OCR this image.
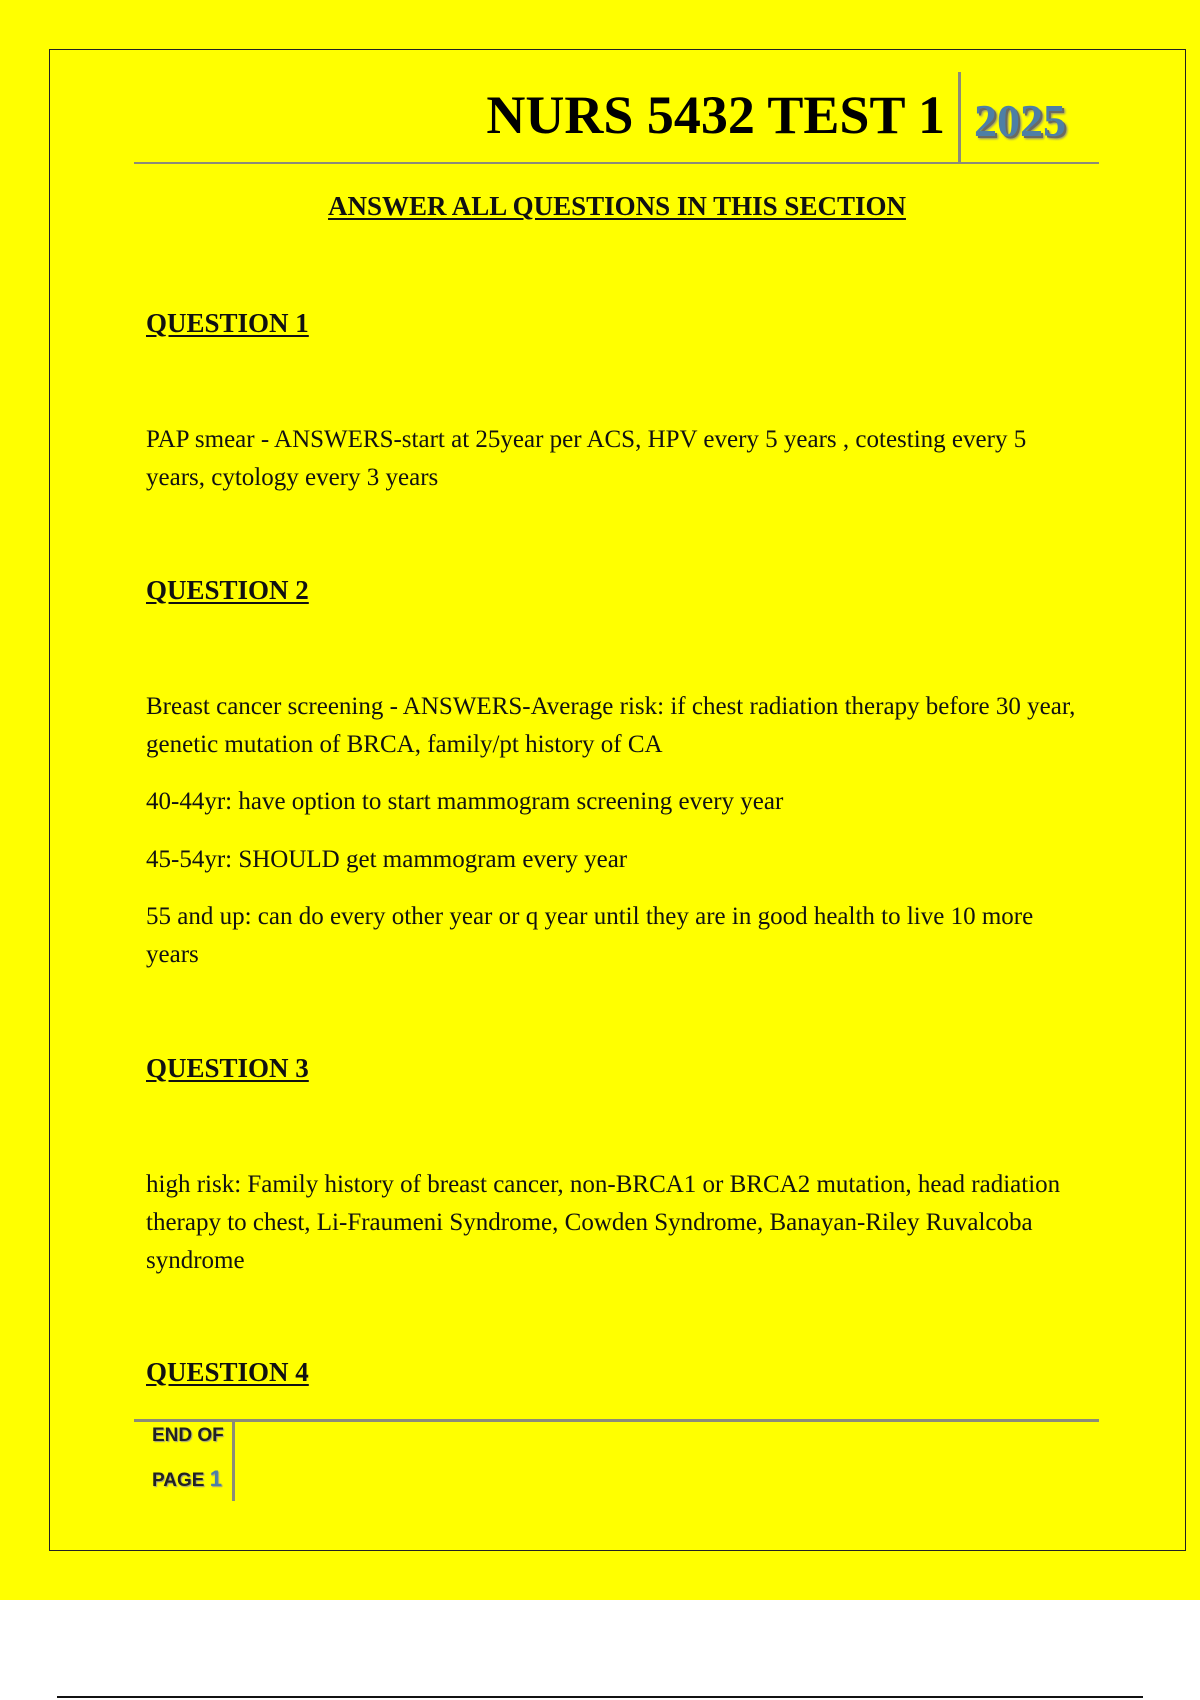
NURS 5432 TEST 1 2025
ANSWER ALL QUESTIONS IN THIS SECTION
QUESTION 1

PAP smear - ANSWERS-start at 25year per ACS, HPV every 5 years , cotesting every 5 years, cytology every 3 years

QUESTION 2

Breast cancer screening - ANSWERS-Average risk: if chest radiation therapy before 30 year, genetic mutation of BRCA, family/pt history of CA

40-44yr: have option to start mammogram screening every year

45-54yr: SHOULD get mammogram every year

55 and up: can do every other year or q year until they are in good health to live 10 more years

QUESTION 3

high risk: Family history of breast cancer, non-BRCA1 or BRCA2 mutation, head radiation therapy to chest, Li-Fraumeni Syndrome, Cowden Syndrome, Banayan-Riley Ruvalcoba syndrome

QUESTION 4
END OF
PAGE 1
